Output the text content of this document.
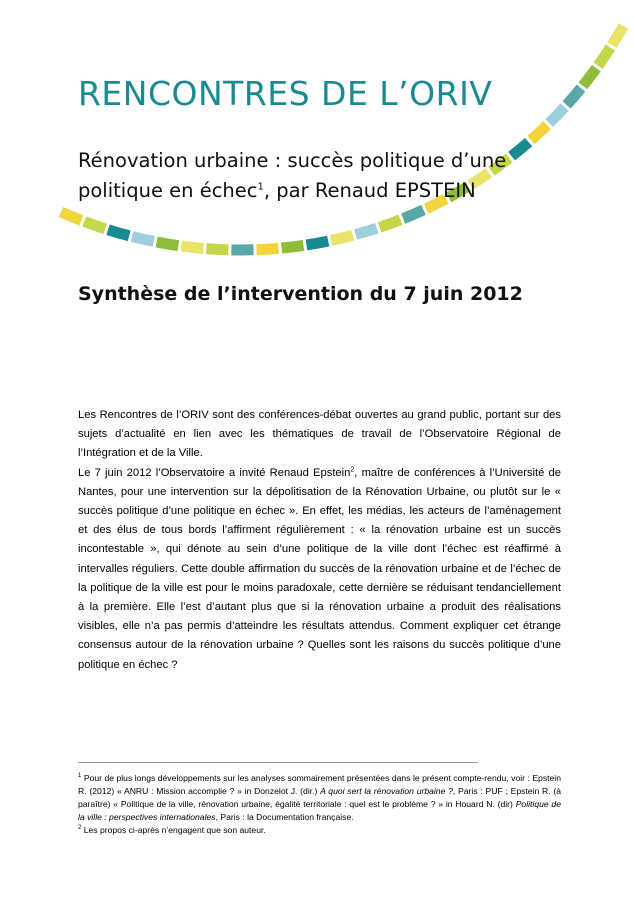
RENCONTRES DE L’ORIV
Rénovation urbaine : succès politique d’une
politique en échec$^1$, par Renaud EPSTEIN
Synthèse de l’intervention du 7 juin 2012

Les Rencontres de l’ORIV sont des conférences-débat ouvertes au grand public, portant sur des sujets d’actualité en lien avec les thématiques de travail de l’Observatoire Régional de l’Intégration et de la Ville.

Le 7 juin 2012 l’Observatoire a invité Renaud Epstein$^2$, maître de conférences à l’Université de Nantes, pour une intervention sur la dépolitisation de la Rénovation Urbaine, ou plutôt sur le « succès politique d’une politique en échec ». En effet, les médias, les acteurs de l’aménagement et des élus de tous bords l’affirment régulièrement : « la rénovation urbaine est un succès incontestable », qui dénote au sein d’une politique de la ville dont l’échec est réaffirmé à intervalles réguliers. Cette double affirmation du succès de la rénovation urbaine et de l’échec de la politique de la ville est pour le moins paradoxale, cette dernière se réduisant tendanciellement à la première. Elle l’est d’autant plus que si la rénovation urbaine a produit des réalisations visibles, elle n’a pas permis d’atteindre les résultats attendus. Comment expliquer cet étrange consensus autour de la rénovation urbaine ? Quelles sont les raisons du succès politique d’une politique en échec ?

$^1$ Pour de plus longs développements sur les analyses sommairement présentées dans le présent compte-rendu, voir : Epstein R. (2012) « ANRU : Mission accomplie ? » in Donzelot J. (dir.) A quoi sert la rénovation urbaine ?, Paris : PUF ; Epstein R. (à paraître) « Politique de la ville, rénovation urbaine, égalité territoriale : quel est le problème ? » in Houard N. (dir) Politique de la ville : perspectives internationales, Paris : la Documentation française.

$^2$ Les propos ci-après n’engagent que son auteur.
